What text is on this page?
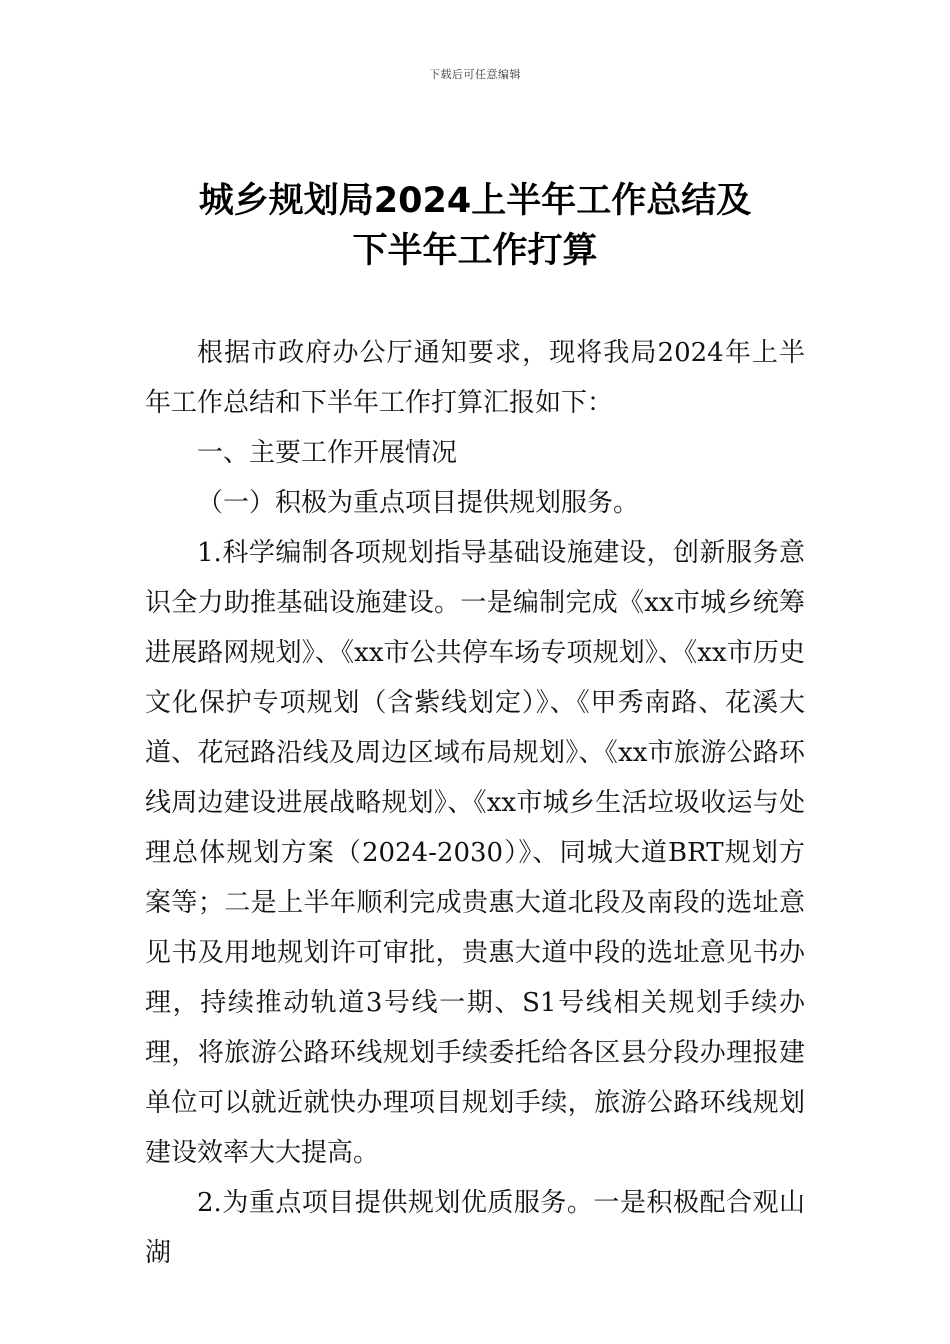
下载后可任意编辑
城乡规划局2024上半年工作总结及
下半年工作打算

根据市政府办公厅通知要求，现将我局2024年上半年工作总结和下半年工作打算汇报如下：

一、主要工作开展情况

（一）积极为重点项目提供规划服务。

1.科学编制各项规划指导基础设施建设，创新服务意识全力助推基础设施建设。一是编制完成《xx市城乡统筹进展路网规划》、《xx市公共停车场专项规划》、《xx市历史文化保护专项规划（含紫线划定）》、《甲秀南路、花溪大道、花冠路沿线及周边区域布局规划》、《xx市旅游公路环线周边建设进展战略规划》、《xx市城乡生活垃圾收运与处理总体规划方案（2024-2030）》、同城大道BRT规划方案等；二是上半年顺利完成贵惠大道北段及南段的选址意见书及用地规划许可审批，贵惠大道中段的选址意见书办理，持续推动轨道3号线一期、S1号线相关规划手续办理，将旅游公路环线规划手续委托给各区县分段办理报建单位可以就近就快办理项目规划手续，旅游公路环线规划建设效率大大提高。

2.为重点项目提供规划优质服务。一是积极配合观山湖
